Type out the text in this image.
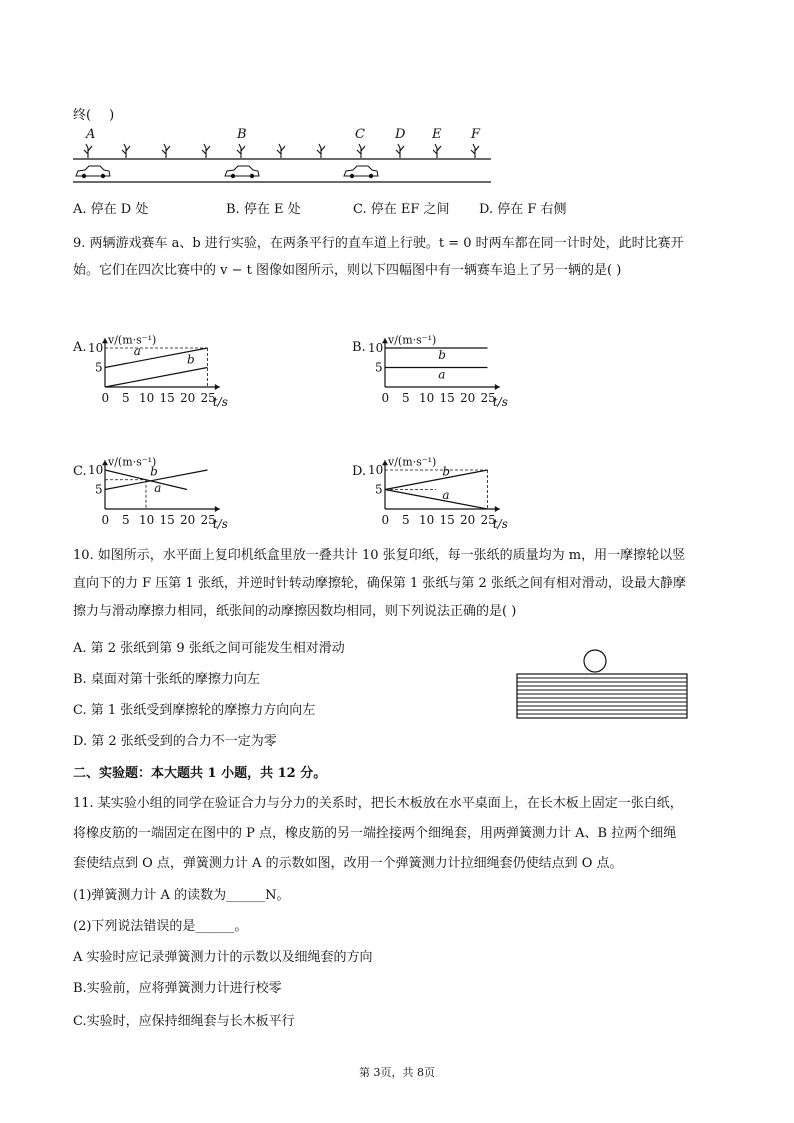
终( )
A	B	C D E F
A. 停在 D 处	B. 停在 E 处	C. 停在 EF 之间 D. 停在 F 右侧
9. 两辆游戏赛车 a、b 进行实验，在两条平行的直车道上行驶。t = 0 时两车都在同一计时处，此时比赛开
始。它们在四次比赛中的 v − t 图像如图所示，则以下四幅图中有一辆赛车追上了另一辆的是( )
A.	B.
C.	D.
v/(m·s⁻¹)
t/s
0 5 10 15 20 25
5
10	a
b
v/(m·s⁻¹)
t/s
0 5 10 15 20 25
5
10	b
a
v/(m·s⁻¹)
t/s
0 5 10 15 20 25
5
10	b
a
v/(m·s⁻¹)
t/s
0 5 10 15 20 25
5
10	b
a
10. 如图所示，水平面上复印机纸盒里放一叠共计 10 张复印纸，每一张纸的质量均为 m，用一摩擦轮以竖
直向下的力 F 压第 1 张纸，并逆时针转动摩擦轮，确保第 1 张纸与第 2 张纸之间有相对滑动，设最大静摩
擦力与滑动摩擦力相同，纸张间的动摩擦因数均相同，则下列说法正确的是( )
A. 第 2 张纸到第 9 张纸之间可能发生相对滑动
B. 桌面对第十张纸的摩擦力向左
C. 第 1 张纸受到摩擦轮的摩擦力方向向左
D. 第 2 张纸受到的合力不一定为零
二、实验题：本大题共 1 小题，共 12 分。
11. 某实验小组的同学在验证合力与分力的关系时，把长木板放在水平桌面上，在长木板上固定一张白纸，
将橡皮筋的一端固定在图中的 P 点，橡皮筋的另一端拴接两个细绳套，用两弹簧测力计 A、B 拉两个细绳
套使结点到 O 点，弹簧测力计 A 的示数如图，改用一个弹簧测力计拉细绳套仍使结点到 O 点。
(1)弹簧测力计 A 的读数为______N。
(2)下列说法错误的是______。
A 实验时应记录弹簧测力计的示数以及细绳套的方向
B.实验前，应将弹簧测力计进行校零
C.实验时，应保持细绳套与长木板平行
第 3页，共 8页
